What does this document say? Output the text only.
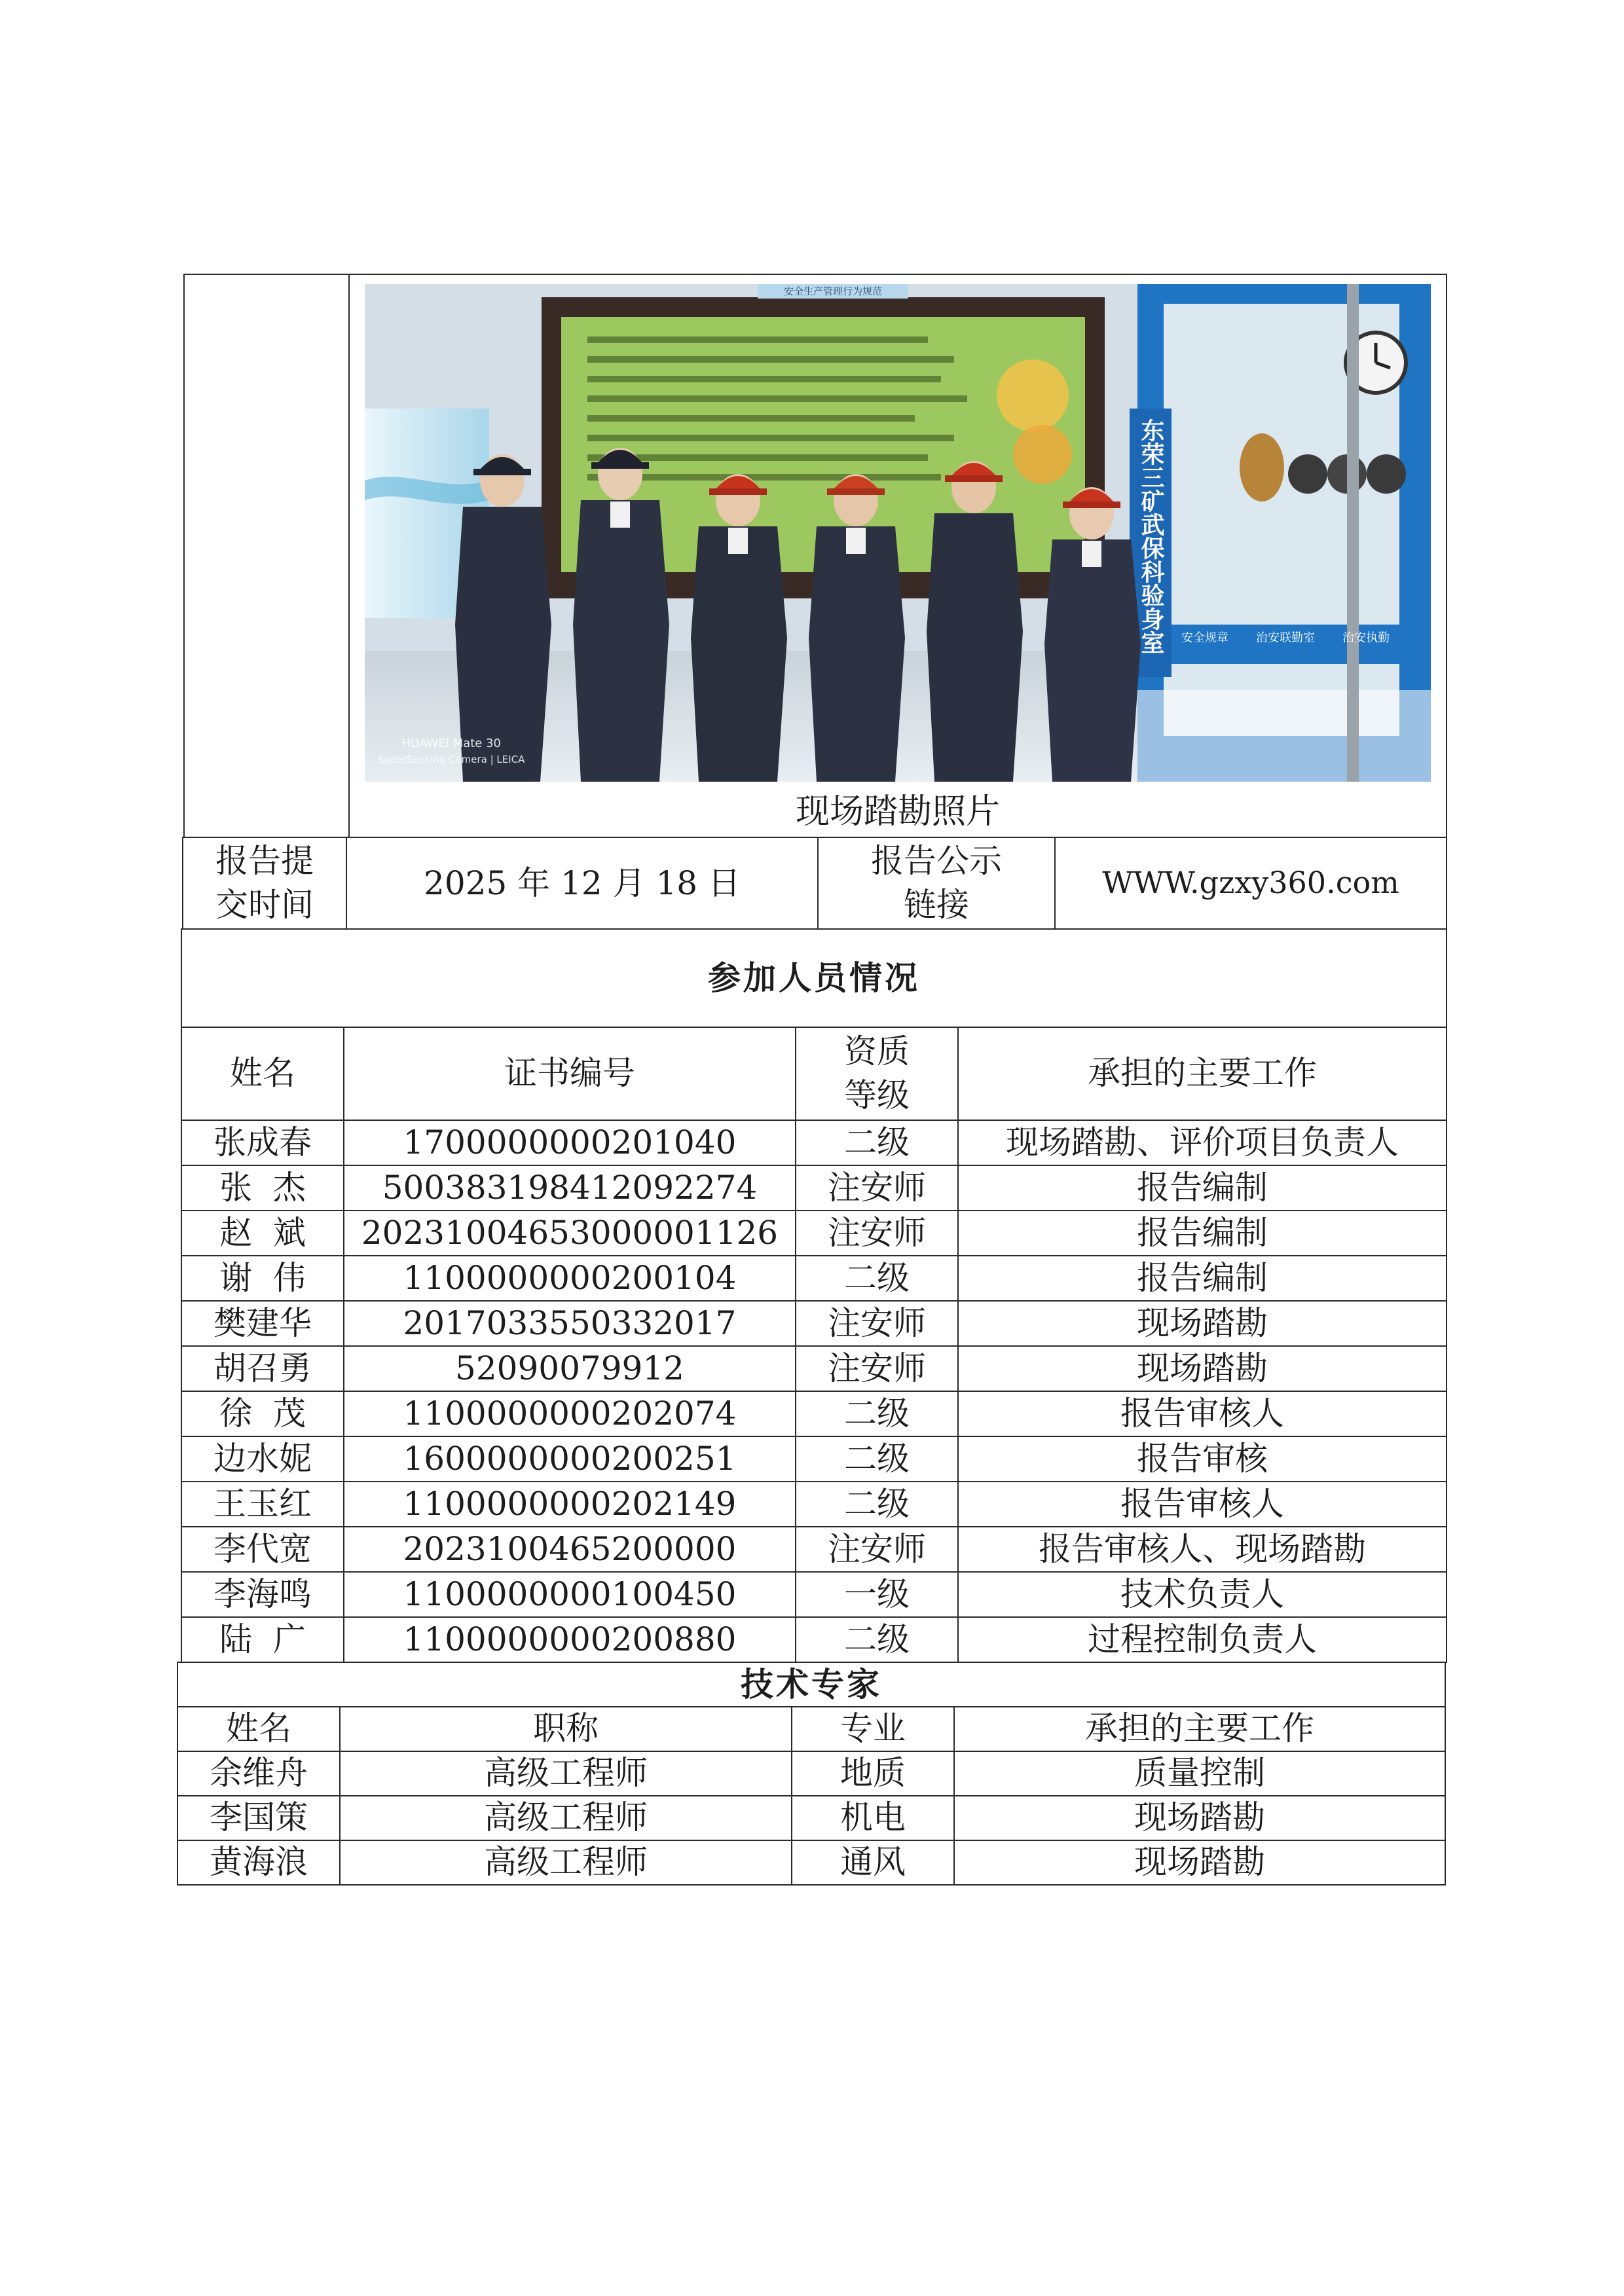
东荣三矿武保科验身室
安全生产管理行为规范
安全规章 治安联勤室 治安执勤
HUAWEI Mate 30
SuperSensing Camera | LEICA
现场踏勘照片
报告提交时间	2025 年 12 月 18 日	报告公示链接	WWW.gzxy360.com
参加人员情况			
姓名	证书编号	资质等级	承担的主要工作
张成春	1700000000201040	二级	现场踏勘、评价项目负责人
张  杰	500383198412092274	注安师	报告编制
赵  斌	20231004653000001126	注安师	报告编制
谢  伟	1100000000200104	二级	报告编制
樊建华	2017033550332017	注安师	现场踏勘
胡召勇	52090079912	注安师	现场踏勘
徐  茂	1100000000202074	二级	报告审核人
边水妮	1600000000200251	二级	报告审核
王玉红	1100000000202149	二级	报告审核人
李代宽	2023100465200000	注安师	报告审核人、现场踏勘
李海鸣	1100000000100450	一级	技术负责人
陆  广	1100000000200880	二级	过程控制负责人
技术专家			
姓名	职称	专业	承担的主要工作
余维舟	高级工程师	地质	质量控制
李国策	高级工程师	机电	现场踏勘
黄海浪	高级工程师	通风	现场踏勘
